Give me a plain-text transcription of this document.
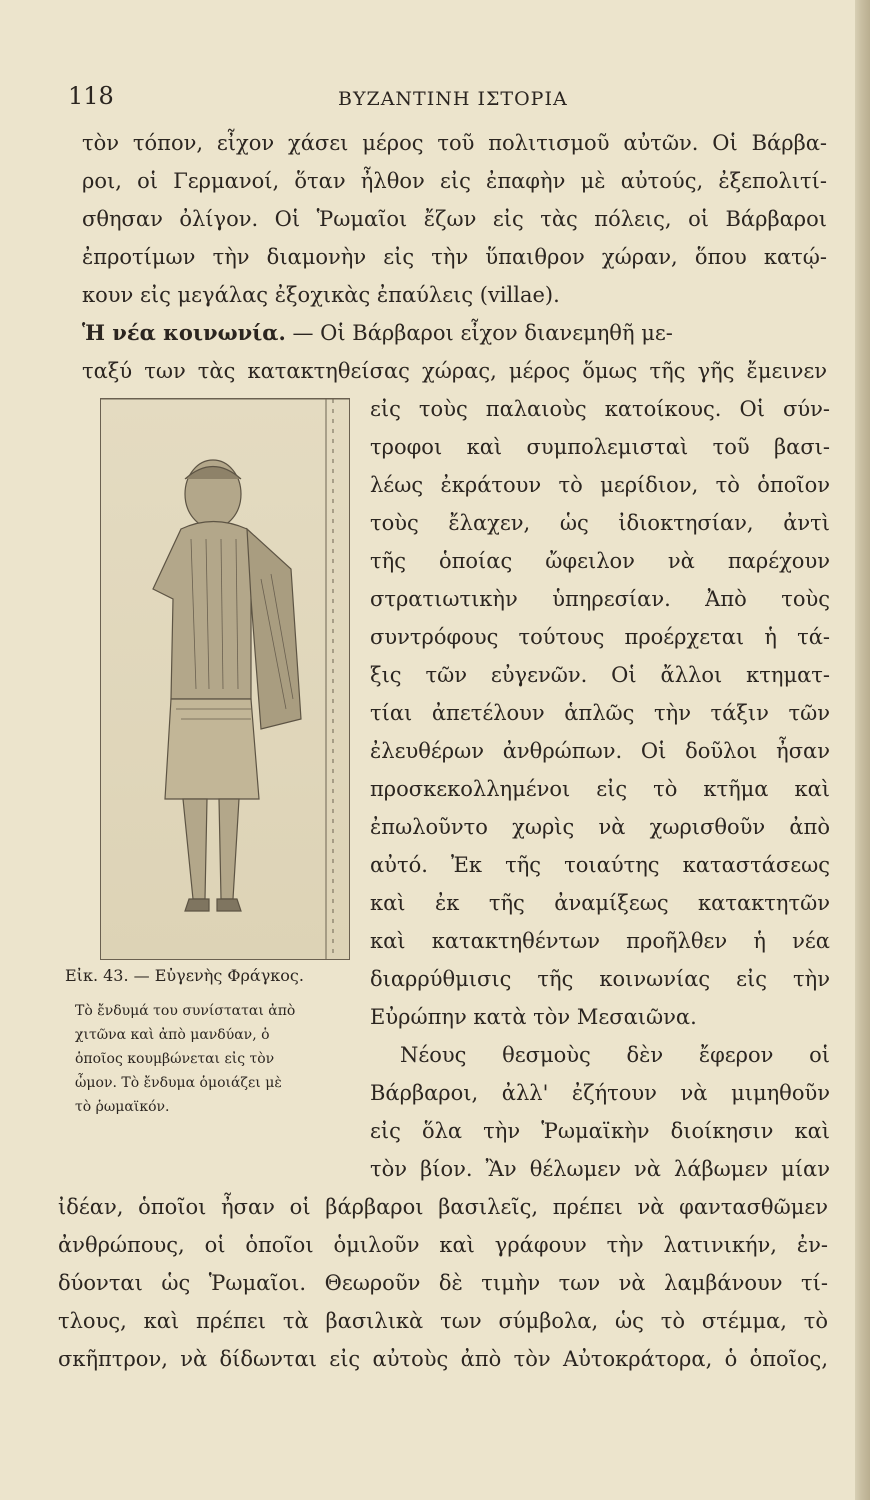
118	ΒΥΖΑΝΤΙΝΗ ΙΣΤΟΡΙΑ
τὸν τόπον, εἶχον χάσει μέρος τοῦ πολιτισμοῦ αὐτῶν. Οἱ Βάρβα-
ροι, οἱ Γερμανοί, ὅταν ἦλθον εἰς ἐπαφὴν μὲ αὐτούς, ἐξεπολιτί-
σθησαν ὀλίγον. Οἱ Ῥωμαῖοι ἔζων εἰς τὰς πόλεις, οἱ Βάρβαροι
ἐπροτίμων τὴν διαμονὴν εἰς τὴν ὕπαιθρον χώραν, ὅπου κατῴ-
κουν εἰς μεγάλας ἐξοχικὰς ἐπαύλεις (villae).
Ἡ νέα κοινωνία. — Οἱ Βάρβαροι εἶχον διανεμηθῆ με-
ταξύ των τὰς κατακτηθείσας χώρας, μέρος ὅμως τῆς γῆς ἔμεινεν
εἰς τοὺς παλαιοὺς κατοίκους. Οἱ σύν-
τροφοι καὶ συμπολεμισταὶ τοῦ βασι-
λέως ἐκράτουν τὸ μερίδιον, τὸ ὁποῖον
τοὺς ἔλαχεν, ὡς ἰδιοκτησίαν, ἀντὶ
τῆς ὁποίας ὤφειλον νὰ παρέχουν
στρατιωτικὴν ὑπηρεσίαν. Ἀπὸ τοὺς
συντρόφους τούτους προέρχεται ἡ τά-
ξις τῶν εὐγενῶν. Οἱ ἄλλοι κτηματ-
τίαι ἀπετέλουν ἁπλῶς τὴν τάξιν τῶν
ἐλευθέρων ἀνθρώπων. Οἱ δοῦλοι ἦσαν
προσκεκολλημένοι εἰς τὸ κτῆμα καὶ
ἐπωλοῦντο χωρὶς νὰ χωρισθοῦν ἀπὸ
αὐτό. Ἐκ τῆς τοιαύτης καταστάσεως
καὶ ἐκ τῆς ἀναμίξεως κατακτητῶν
καὶ κατακτηθέντων προῆλθεν ἡ νέα
διαρρύθμισις τῆς κοινωνίας εἰς τὴν
Εὐρώπην κατὰ τὸν Μεσαιῶνα.
Νέους θεσμοὺς δὲν ἔφερον οἱ
Βάρβαροι, ἀλλ' ἐζήτουν νὰ μιμηθοῦν
εἰς ὅλα τὴν Ῥωμαϊκὴν διοίκησιν καὶ
τὸν βίον. Ἂν θέλωμεν νὰ λάβωμεν μίαν
Εἰκ. 43. — Εὐγενὴς Φράγκος.
Τὸ ἔνδυμά του συνίσταται ἀπὸ
χιτῶνα καὶ ἀπὸ μανδύαν, ὁ
ὁποῖος κουμβώνεται εἰς τὸν
ὦμον. Τὸ ἔνδυμα ὁμοιάζει μὲ
τὸ ῥωμαϊκόν.
ἰδέαν, ὁποῖοι ἦσαν οἱ βάρβαροι βασιλεῖς, πρέπει νὰ φαντασθῶμεν
ἀνθρώπους, οἱ ὁποῖοι ὁμιλοῦν καὶ γράφουν τὴν λατινικήν, ἐν-
δύονται ὡς Ῥωμαῖοι. Θεωροῦν δὲ τιμὴν των νὰ λαμβάνουν τί-
τλους, καὶ πρέπει τὰ βασιλικὰ των σύμβολα, ὡς τὸ στέμμα, τὸ
σκῆπτρον, νὰ δίδωνται εἰς αὐτοὺς ἀπὸ τὸν Αὐτοκράτορα, ὁ ὁποῖος,
